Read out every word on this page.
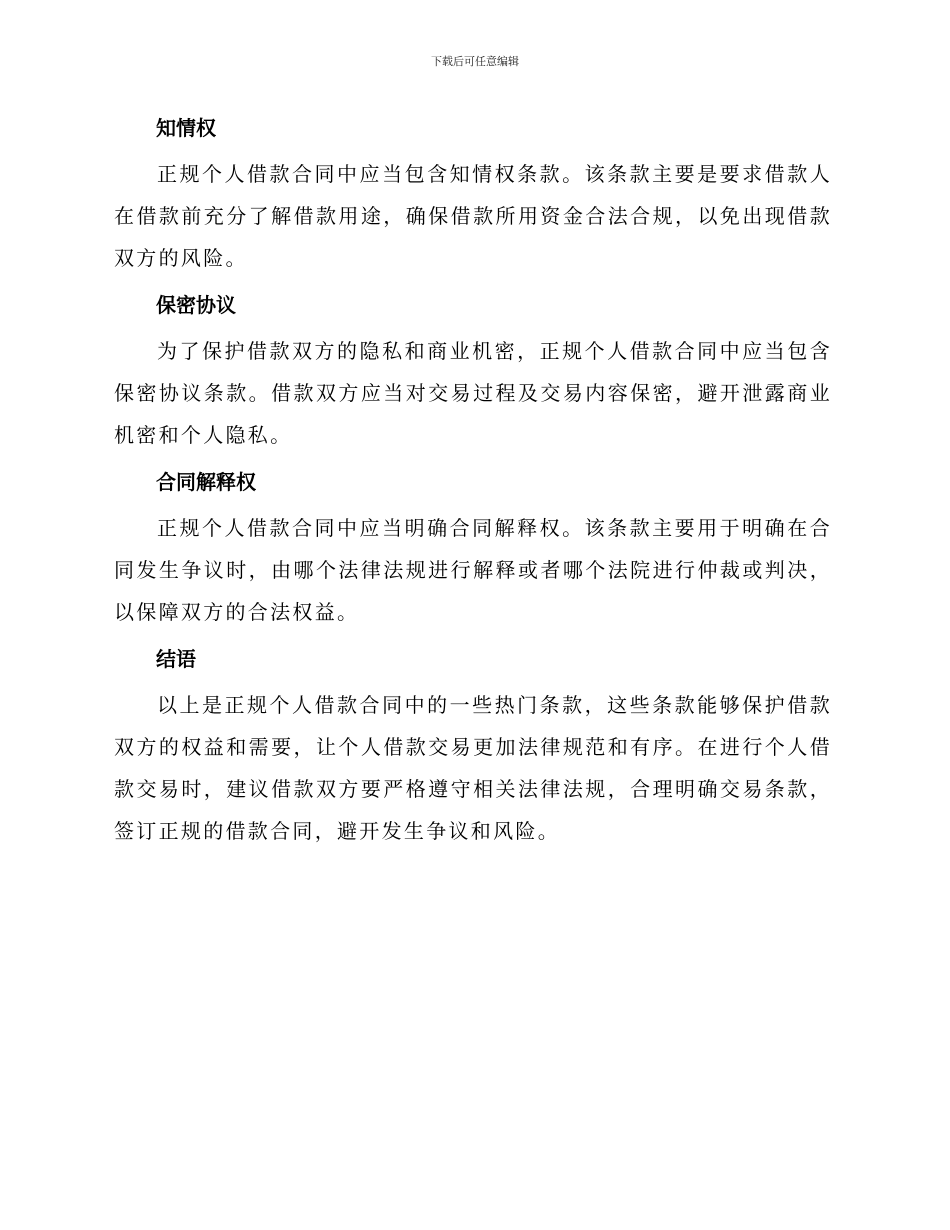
下载后可任意编辑
知情权

正规个人借款合同中应当包含知情权条款。该条款主要是要求借款人在借款前充分了解借款用途，确保借款所用资金合法合规，以免出现借款双方的风险。

保密协议

为了保护借款双方的隐私和商业机密，正规个人借款合同中应当包含保密协议条款。借款双方应当对交易过程及交易内容保密，避开泄露商业机密和个人隐私。

合同解释权

正规个人借款合同中应当明确合同解释权。该条款主要用于明确在合同发生争议时，由哪个法律法规进行解释或者哪个法院进行仲裁或判决，以保障双方的合法权益。

结语

以上是正规个人借款合同中的一些热门条款，这些条款能够保护借款双方的权益和需要，让个人借款交易更加法律规范和有序。在进行个人借款交易时，建议借款双方要严格遵守相关法律法规，合理明确交易条款，签订正规的借款合同，避开发生争议和风险。
